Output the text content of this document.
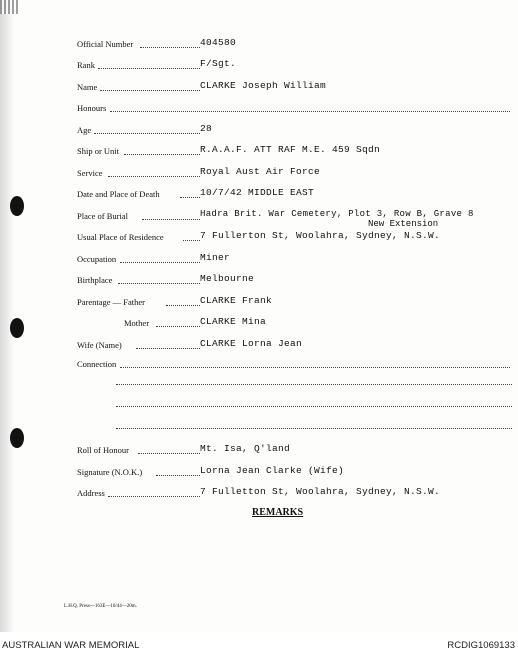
Official Number	404580
Rank	F/Sgt.
Name	CLARKE Joseph William
Honours
Age	28
Ship or Unit	R.A.A.F. ATT RAF M.E. 459 Sqdn
Service	Royal Aust Air Force
Date and Place of Death	10/7/42 MIDDLE EAST
Place of Burial	Hadra Brit. War Cemetery, Plot 3, Row B, Grave 8
New Extension
Usual Place of Residence	7 Fullerton St, Woolahra, Sydney, N.S.W.
Occupation	Miner
Birthplace	Melbourne
Parentage — Father	CLARKE Frank
Mother	CLARKE Mina
Wife (Name)	CLARKE Lorna Jean
Connection
Roll of Honour	Mt. Isa, Q'land
Signature (N.O.K.)	Lorna Jean Clarke (Wife)
Address	7 Fulletton St, Woolahra, Sydney, N.S.W.
REMARKS
L.H.Q. Press—163E—10/44—20m.
AUSTRALIAN WAR MEMORIAL	RCDIG1069133
